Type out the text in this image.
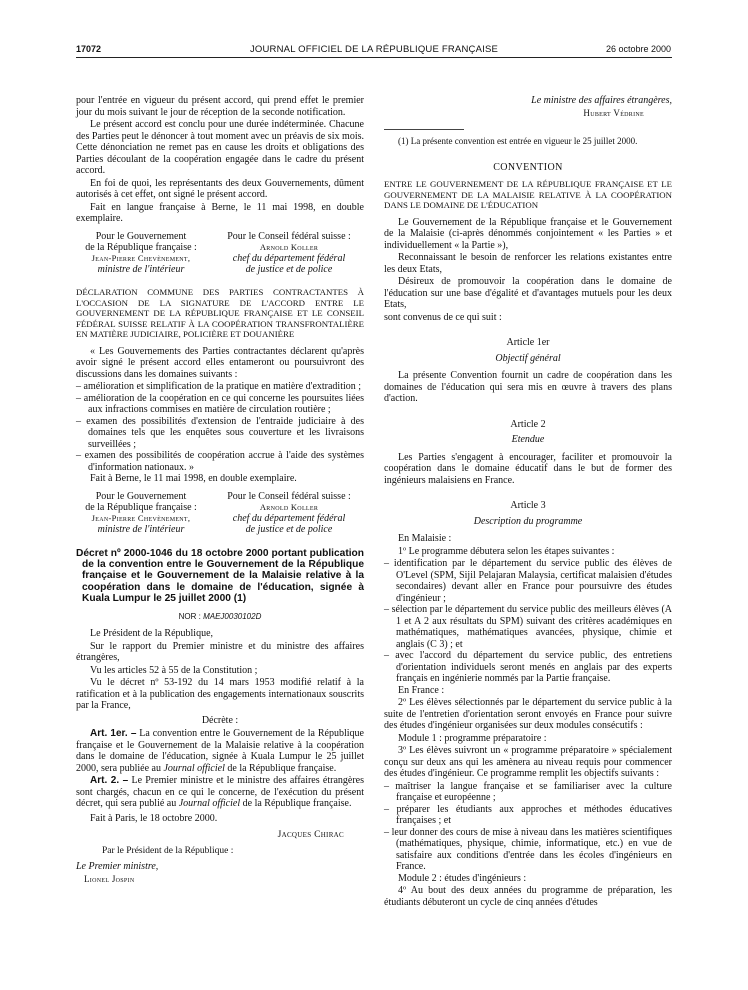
17072	JOURNAL OFFICIEL DE LA RÉPUBLIQUE FRANÇAISE	26 octobre 2000

pour l'entrée en vigueur du présent accord, qui prend effet le premier jour du mois suivant le jour de réception de la seconde notification.

Le présent accord est conclu pour une durée indéterminée. Chacune des Parties peut le dénoncer à tout moment avec un préavis de six mois. Cette dénonciation ne remet pas en cause les droits et obligations des Parties découlant de la coopération engagée dans le cadre du présent accord.

En foi de quoi, les représentants des deux Gouvernements, dûment autorisés à cet effet, ont signé le présent accord.

Fait en langue française à Berne, le 11 mai 1998, en double exemplaire.

Pour le Gouvernement
de la République française :
Jean-Pierre Chevènement,
ministre de l'intérieur
Pour le Conseil fédéral suisse :
Arnold Koller
chef du département fédéral
de justice et de police

DÉCLARATION COMMUNE DES PARTIES CONTRACTANTES À L'OCCASION DE LA SIGNATURE DE L'ACCORD ENTRE LE GOUVERNEMENT DE LA RÉPUBLIQUE FRANÇAISE ET LE CONSEIL FÉDÉRAL SUISSE RELATIF À LA COOPÉRATION TRANSFRONTALIÈRE EN MATIÈRE JUDICIAIRE, POLICIÈRE ET DOUANIÈRE

« Les Gouvernements des Parties contractantes déclarent qu'après avoir signé le présent accord elles entameront ou poursuivront des discussions dans les domaines suivants :

– amélioration et simplification de la pratique en matière d'extradition ;

– amélioration de la coopération en ce qui concerne les poursuites liées aux infractions commises en matière de circulation routière ;

– examen des possibilités d'extension de l'entraide judiciaire à des domaines tels que les enquêtes sous couverture et les livraisons surveillées ;

– examen des possibilités de coopération accrue à l'aide des systèmes d'information nationaux. »

Fait à Berne, le 11 mai 1998, en double exemplaire.

Pour le Gouvernement
de la République française :
Jean-Pierre Chevènement,
ministre de l'intérieur
Pour le Conseil fédéral suisse :
Arnold Koller
chef du département fédéral
de justice et de police

Décret nº 2000-1046 du 18 octobre 2000 portant publication de la convention entre le Gouvernement de la République française et le Gouvernement de la Malaisie relative à la coopération dans le domaine de l'éducation, signée à Kuala Lumpur le 25 juillet 2000 (1)

NOR : MAEJ0030102D

Le Président de la République,

Sur le rapport du Premier ministre et du ministre des affaires étrangères,

Vu les articles 52 à 55 de la Constitution ;

Vu le décret nº 53-192 du 14 mars 1953 modifié relatif à la ratification et à la publication des engagements internationaux souscrits par la France,

Décrète :

Art. 1er. – La convention entre le Gouvernement de la République française et le Gouvernement de la Malaisie relative à la coopération dans le domaine de l'éducation, signée à Kuala Lumpur le 25 juillet 2000, sera publiée au Journal officiel de la République française.

Art. 2. – Le Premier ministre et le ministre des affaires étrangères sont chargés, chacun en ce qui le concerne, de l'exécution du présent décret, qui sera publié au Journal officiel de la République française.

Fait à Paris, le 18 octobre 2000.

Jacques Chirac

Par le Président de la République :

Le Premier ministre,

Lionel Jospin

Le ministre des affaires étrangères,

Hubert Védrine

(1) La présente convention est entrée en vigueur le 25 juillet 2000.

CONVENTION

ENTRE LE GOUVERNEMENT DE LA RÉPUBLIQUE FRANÇAISE ET LE GOUVERNEMENT DE LA MALAISIE RELATIVE À LA COOPÉRATION DANS LE DOMAINE DE L'ÉDUCATION

Le Gouvernement de la République française et le Gouvernement de la Malaisie (ci-après dénommés conjointement « les Parties » et individuellement « la Partie »),

Reconnaissant le besoin de renforcer les relations existantes entre les deux Etats,

Désireux de promouvoir la coopération dans le domaine de l'éducation sur une base d'égalité et d'avantages mutuels pour les deux Etats,

sont convenus de ce qui suit :

Article 1er

Objectif général

La présente Convention fournit un cadre de coopération dans les domaines de l'éducation qui sera mis en œuvre à travers des plans d'action.

Article 2

Etendue

Les Parties s'engagent à encourager, faciliter et promouvoir la coopération dans le domaine éducatif dans le but de former des ingénieurs malaisiens en France.

Article 3

Description du programme

En Malaisie :

1º Le programme débutera selon les étapes suivantes :

– identification par le département du service public des élèves de O'Level (SPM, Sijil Pelajaran Malaysia, certificat malaisien d'études secondaires) devant aller en France pour poursuivre des études d'ingénieur ;

– sélection par le département du service public des meilleurs élèves (A 1 et A 2 aux résultats du SPM) suivant des critères académiques en mathématiques, mathématiques avancées, physique, chimie et anglais (C 3) ; et

– avec l'accord du département du service public, des entretiens d'orientation individuels seront menés en anglais par des experts français en ingénierie nommés par la Partie française.

En France :

2º Les élèves sélectionnés par le département du service public à la suite de l'entretien d'orientation seront envoyés en France pour suivre des études d'ingénieur organisées sur deux modules consécutifs :

Module 1 : programme préparatoire :

3º Les élèves suivront un « programme préparatoire » spécialement conçu sur deux ans qui les amènera au niveau requis pour commencer des études d'ingénieur. Ce programme remplit les objectifs suivants :

– maîtriser la langue française et se familiariser avec la culture française et européenne ;

– préparer les étudiants aux approches et méthodes éducatives françaises ; et

– leur donner des cours de mise à niveau dans les matières scientifiques (mathématiques, physique, chimie, informatique, etc.) en vue de satisfaire aux conditions d'entrée dans les écoles d'ingénieurs en France.

Module 2 : études d'ingénieurs :

4º Au bout des deux années du programme de préparation, les étudiants débuteront un cycle de cinq années d'études
